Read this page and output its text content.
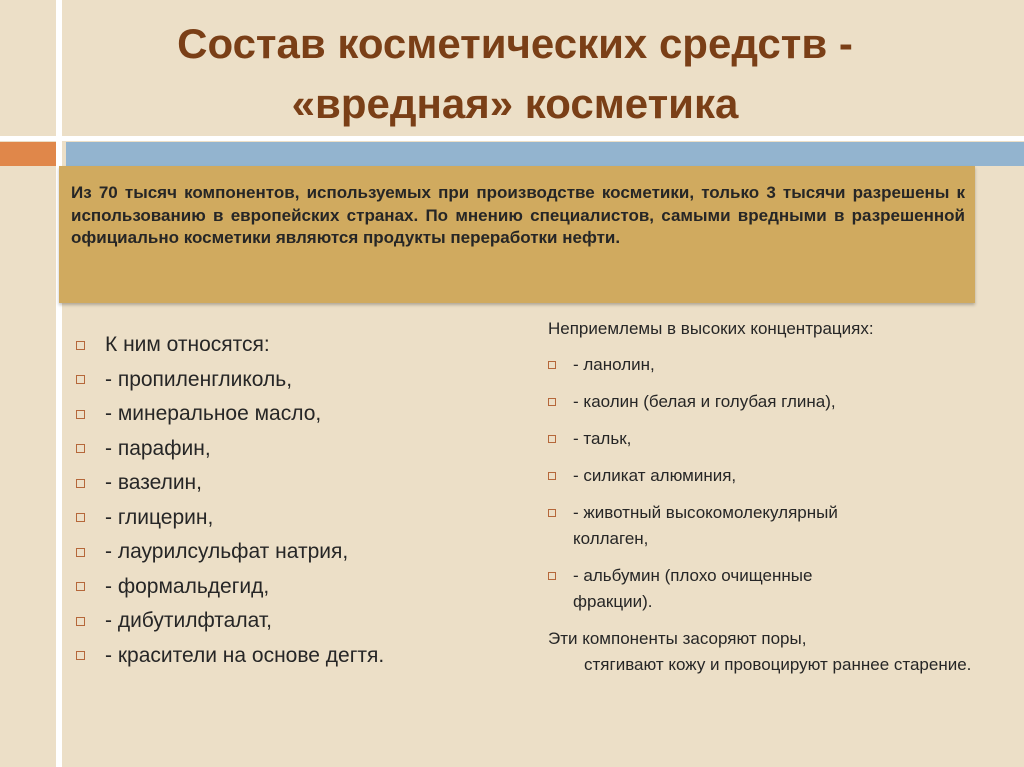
Состав косметических средств -
«вредная» косметика

Из 70 тысяч компонентов, используемых при производстве косметики, только 3 тысячи разрешены к использованию в европейских странах. По мнению специалистов, самыми вредными в разрешенной официально косметики являются продукты переработки нефти.

К ним относятся:
- пропиленгликоль,
- минеральное масло,
- парафин,
- вазелин,
- глицерин,
- лаурилсульфат натрия,
- формальдегид,
- дибутилфталат,
- красители на основе дегтя.

Неприемлемы в высоких концентрациях:

- ланолин,
- каолин (белая и голубая глина),
- тальк,
- силикат алюминия,
- животный высокомолекулярный коллаген,
- альбумин (плохо очищенные фракции).
Эти компоненты засоряют поры,
стягивают кожу и провоцируют раннее старение.
